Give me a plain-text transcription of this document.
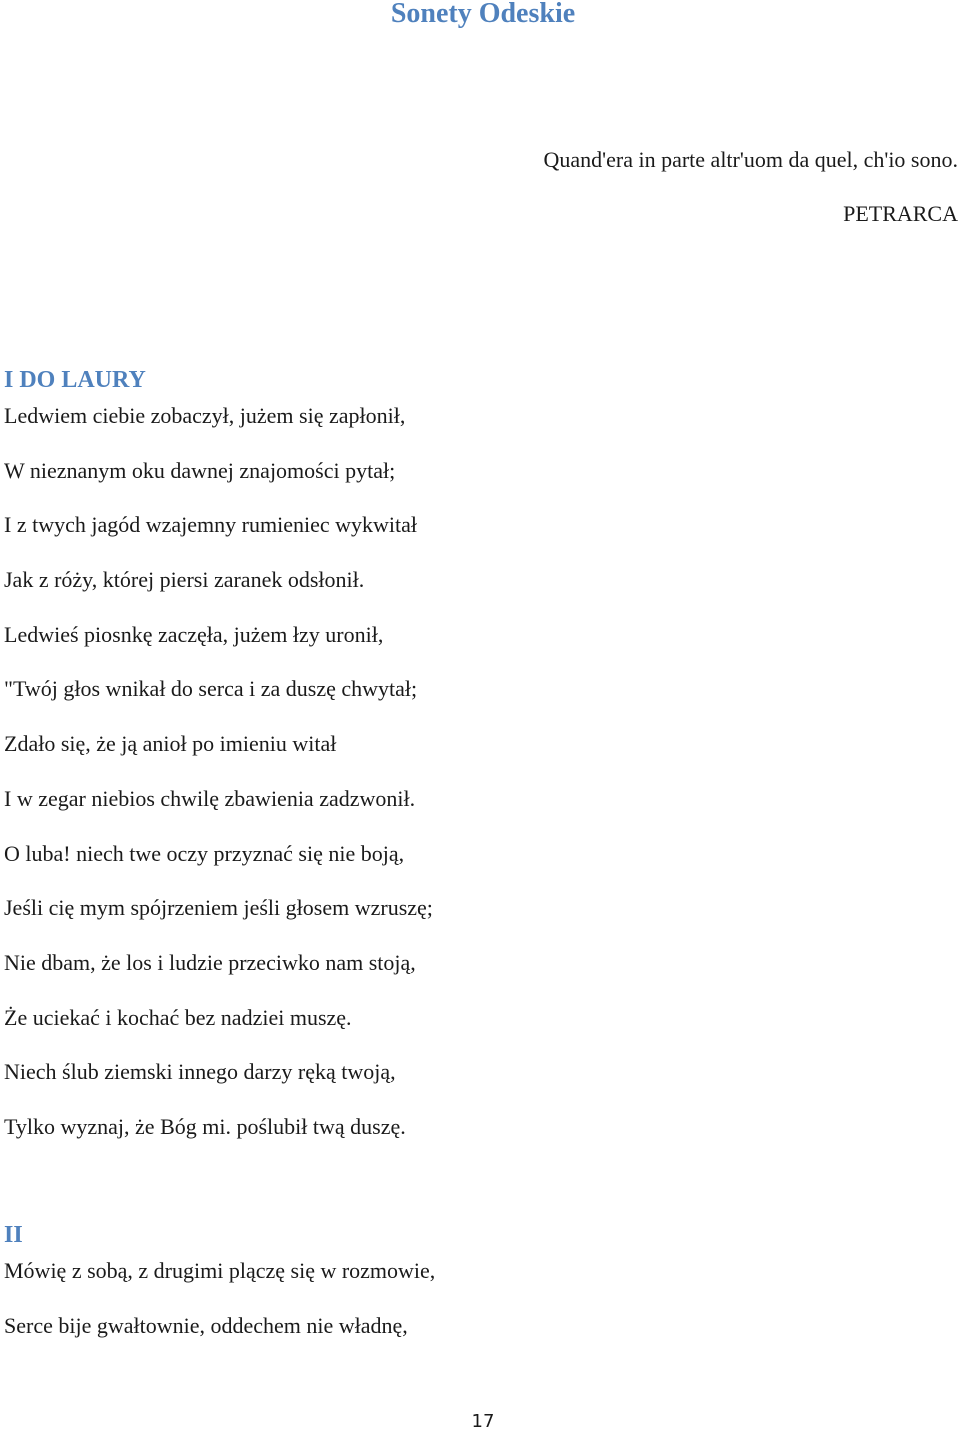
Sonety Odeskie
Quand'era in parte altr'uom da quel, ch'io sono.
PETRARCA
I DO LAURY
Ledwiem ciebie zobaczył, jużem się zapłonił,
W nieznanym oku dawnej znajomości pytał;
I z twych jagód wzajemny rumieniec wykwitał
Jak z róży, której piersi zaranek odsłonił.
Ledwieś piosnkę zaczęła, jużem łzy uronił,
"Twój głos wnikał do serca i za duszę chwytał;
Zdało się, że ją anioł po imieniu witał
I w zegar niebios chwilę zbawienia zadzwonił.
O luba! niech twe oczy przyznać się nie boją,
Jeśli cię mym spójrzeniem jeśli głosem wzruszę;
Nie dbam, że los i ludzie przeciwko nam stoją,
Że uciekać i kochać bez nadziei muszę.
Niech ślub ziemski innego darzy ręką twoją,
Tylko wyznaj, że Bóg mi. poślubił twą duszę.
II
Mówię z sobą, z drugimi plączę się w rozmowie,
Serce bije gwałtownie, oddechem nie władnę,
17
